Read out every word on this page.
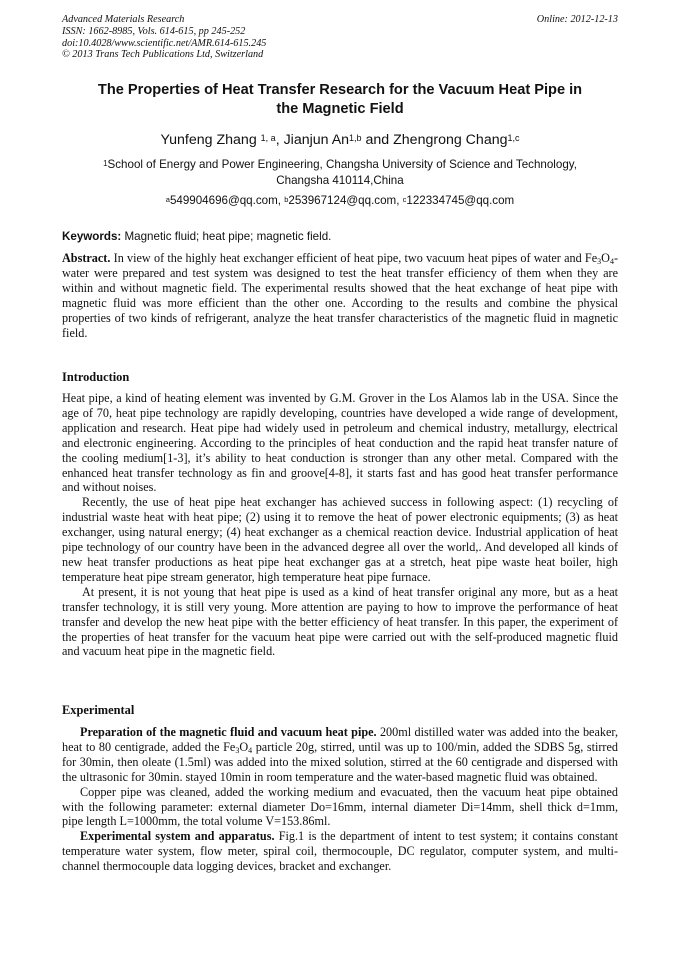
Advanced Materials Research
ISSN: 1662-8985, Vols. 614-615, pp 245-252
doi:10.4028/www.scientific.net/AMR.614-615.245
© 2013 Trans Tech Publications Ltd, Switzerland
Online: 2012-12-13
The Properties of Heat Transfer Research for the Vacuum Heat Pipe in
the Magnetic Field
Yunfeng Zhang $^{1, a}$, Jianjun An$^{1,b}$ and Zhengrong Chang$^{1,c}$
$^1$School of Energy and Power Engineering, Changsha University of Science and Technology,
Changsha 410114,China
$^a$549904696@qq.com, $^b$253967124@qq.com, $^c$122334745@qq.com
Keywords: Magnetic fluid; heat pipe; magnetic field.

Abstract. In view of the highly heat exchanger efficient of heat pipe, two vacuum heat pipes of water and $Fe_3O_4$-water were prepared and test system was designed to test the heat transfer efficiency of them when they are within and without magnetic field. The experimental results showed that the heat exchange of heat pipe with magnetic fluid was more efficient than the other one. According to the results and combine the physical properties of two kinds of refrigerant, analyze the heat transfer characteristics of the magnetic fluid in magnetic field.

Introduction

Heat pipe, a kind of heating element was invented by G.M. Grover in the Los Alamos lab in the USA. Since the age of 70, heat pipe technology are rapidly developing, countries have developed a wide range of development, application and research. Heat pipe had widely used in petroleum and chemical industry, metallurgy, electrical and electronic engineering. According to the principles of heat conduction and the rapid heat transfer nature of the cooling medium[1-3], it’s ability to heat conduction is stronger than any other metal. Compared with the enhanced heat transfer technology as fin and groove[4-8], it starts fast and has good heat transfer performance and without noises.

Recently, the use of heat pipe heat exchanger has achieved success in following aspect: (1) recycling of industrial waste heat with heat pipe; (2) using it to remove the heat of power electronic equipments; (3) as heat exchanger, using natural energy; (4) heat exchanger as a chemical reaction device. Industrial application of heat pipe technology of our country have been in the advanced degree all over the world,. And developed all kinds of new heat transfer productions as heat pipe heat exchanger gas at a stretch, heat pipe waste heat boiler, high temperature heat pipe stream generator, high temperature heat pipe furnace.

At present, it is not young that heat pipe is used as a kind of heat transfer original any more, but as a heat transfer technology, it is still very young. More attention are paying to how to improve the performance of heat transfer and develop the new heat pipe with the better efficiency of heat transfer. In this paper, the experiment of the properties of heat transfer for the vacuum heat pipe were carried out with the self-produced magnetic fluid and vacuum heat pipe in the magnetic field.

Experimental

Preparation of the magnetic fluid and vacuum heat pipe. 200ml distilled water was added into the beaker, heat to 80 centigrade, added the $Fe_3O_4$ particle 20g, stirred, until was up to 100/min, added the SDBS 5g, stirred for 30min, then oleate (1.5ml) was added into the mixed solution, stirred at the 60 centigrade and dispersed with the ultrasonic for 30min. stayed 10min in room temperature and the water-based magnetic fluid was obtained.

Copper pipe was cleaned, added the working medium and evacuated, then the vacuum heat pipe obtained with the following parameter: external diameter Do=16mm, internal diameter Di=14mm, shell thick d=1mm, pipe length L=1000mm, the total volume V=153.86ml.

Experimental system and apparatus. Fig.1 is the department of intent to test system; it contains constant temperature water system, flow meter, spiral coil, thermocouple, DC regulator, computer system, and multi-channel thermocouple data logging devices, bracket and exchanger.
